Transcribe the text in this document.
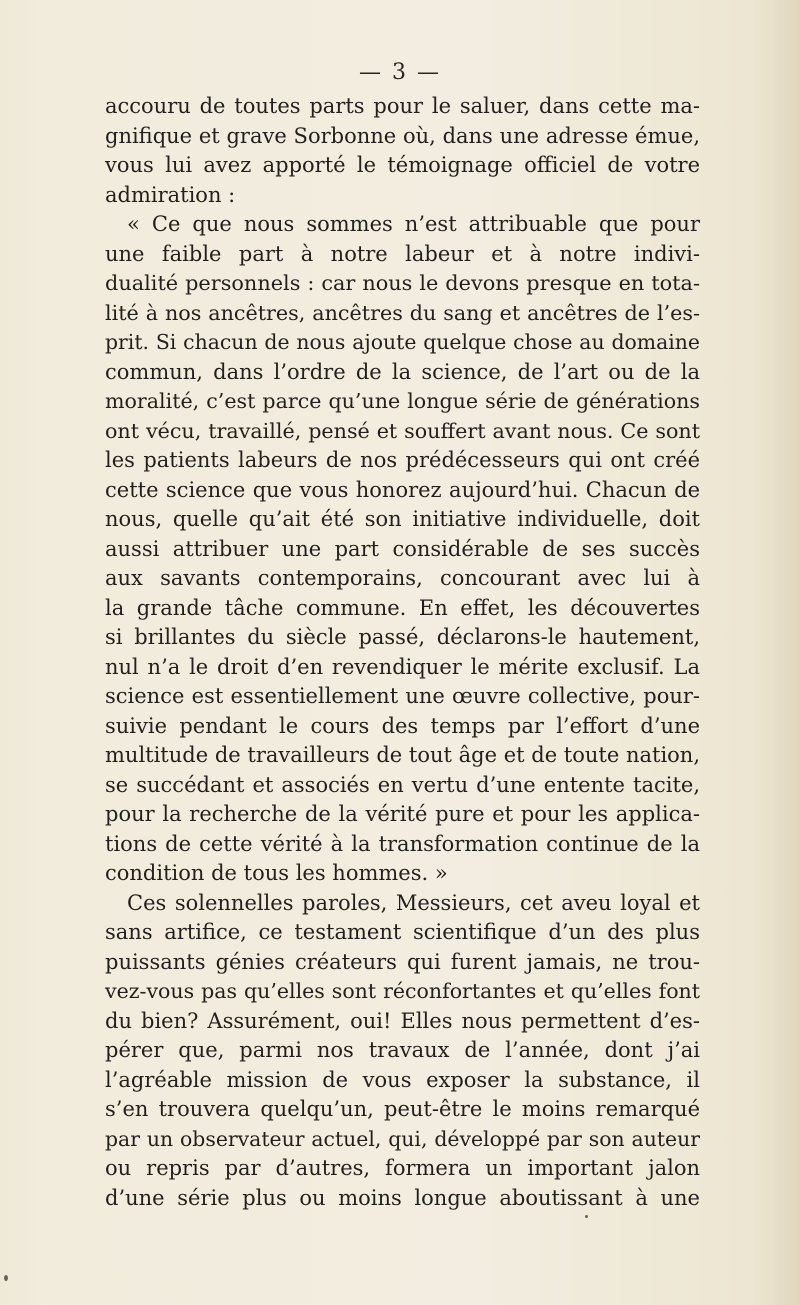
— 3 —
accouru de toutes parts pour le saluer, dans cette ma-
gnifique et grave Sorbonne où, dans une adresse émue,
vous lui avez apporté le témoignage officiel de votre
admiration :
« Ce que nous sommes n’est attribuable que pour
une faible part à notre labeur et à notre indivi-
dualité personnels : car nous le devons presque en tota-
lité à nos ancêtres, ancêtres du sang et ancêtres de l’es-
prit. Si chacun de nous ajoute quelque chose au domaine
commun, dans l’ordre de la science, de l’art ou de la
moralité, c’est parce qu’une longue série de générations
ont vécu, travaillé, pensé et souffert avant nous. Ce sont
les patients labeurs de nos prédécesseurs qui ont créé
cette science que vous honorez aujourd’hui. Chacun de
nous, quelle qu’ait été son initiative individuelle, doit
aussi attribuer une part considérable de ses succès
aux savants contemporains, concourant avec lui à
la grande tâche commune. En effet, les découvertes
si brillantes du siècle passé, déclarons-le hautement,
nul n’a le droit d’en revendiquer le mérite exclusif. La
science est essentiellement une œuvre collective, pour-
suivie pendant le cours des temps par l’effort d’une
multitude de travailleurs de tout âge et de toute nation,
se succédant et associés en vertu d’une entente tacite,
pour la recherche de la vérité pure et pour les applica-
tions de cette vérité à la transformation continue de la
condition de tous les hommes. »
Ces solennelles paroles, Messieurs, cet aveu loyal et
sans artifice, ce testament scientifique d’un des plus
puissants génies créateurs qui furent jamais, ne trou-
vez-vous pas qu’elles sont réconfortantes et qu’elles font
du bien? Assurément, oui! Elles nous permettent d’es-
pérer que, parmi nos travaux de l’année, dont j’ai
l’agréable mission de vous exposer la substance, il
s’en trouvera quelqu’un, peut-être le moins remarqué
par un observateur actuel, qui, développé par son auteur
ou repris par d’autres, formera un important jalon
d’une série plus ou moins longue aboutissant à une
